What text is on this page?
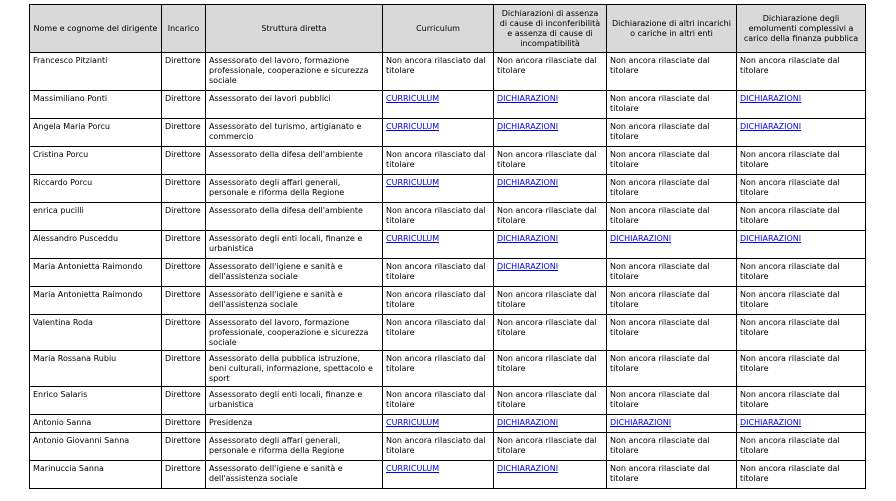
Nome e cognome del dirigente	Incarico	Struttura diretta	Curriculum	Dichiarazioni di assenza di cause di inconferibilità e assenza di cause di incompatibilità	Dichiarazione di altri incarichi o cariche in altri enti	Dichiarazione degli emolumenti complessivi a carico della finanza pubblica
Francesco Pitzianti	Direttore	Assessorato del lavoro, formazione professionale, cooperazione e sicurezza sociale	Non ancora rilasciato dal titolare	Non ancora rilasciate dal titolare	Non ancora rilasciate dal titolare	Non ancora rilasciate dal titolare
Massimiliano Ponti	Direttore	Assessorato dei lavori pubblici	CURRICULUM	DICHIARAZIONI	Non ancora rilasciate dal titolare	DICHIARAZIONI
Angela Maria Porcu	Direttore	Assessorato del turismo, artigianato e commercio	CURRICULUM	DICHIARAZIONI	Non ancora rilasciate dal titolare	DICHIARAZIONI
Cristina Porcu	Direttore	Assessorato della difesa dell'ambiente	Non ancora rilasciato dal titolare	Non ancora rilasciate dal titolare	Non ancora rilasciate dal titolare	Non ancora rilasciate dal titolare
Riccardo Porcu	Direttore	Assessorato degli affari generali, personale e riforma della Regione	CURRICULUM	DICHIARAZIONI	Non ancora rilasciate dal titolare	Non ancora rilasciate dal titolare
enrica pucilli	Direttore	Assessorato della difesa dell'ambiente	Non ancora rilasciato dal titolare	Non ancora rilasciate dal titolare	Non ancora rilasciate dal titolare	Non ancora rilasciate dal titolare
Alessandro Pusceddu	Direttore	Assessorato degli enti locali, finanze e urbanistica	CURRICULUM	DICHIARAZIONI	DICHIARAZIONI	DICHIARAZIONI
Maria Antonietta Raimondo	Direttore	Assessorato dell'igiene e sanità e dell'assistenza sociale	Non ancora rilasciato dal titolare	DICHIARAZIONI	Non ancora rilasciate dal titolare	Non ancora rilasciate dal titolare
Maria Antonietta Raimondo	Direttore	Assessorato dell'igiene e sanità e dell'assistenza sociale	Non ancora rilasciato dal titolare	Non ancora rilasciate dal titolare	Non ancora rilasciate dal titolare	Non ancora rilasciate dal titolare
Valentina Roda	Direttore	Assessorato del lavoro, formazione professionale, cooperazione e sicurezza sociale	Non ancora rilasciato dal titolare	Non ancora rilasciate dal titolare	Non ancora rilasciate dal titolare	Non ancora rilasciate dal titolare
Maria Rossana Rubiu	Direttore	Assessorato della pubblica istruzione, beni culturali, informazione, spettacolo e sport	Non ancora rilasciato dal titolare	Non ancora rilasciate dal titolare	Non ancora rilasciate dal titolare	Non ancora rilasciate dal titolare
Enrico Salaris	Direttore	Assessorato degli enti locali, finanze e urbanistica	Non ancora rilasciato dal titolare	Non ancora rilasciate dal titolare	Non ancora rilasciate dal titolare	Non ancora rilasciate dal titolare
Antonio Sanna	Direttore	Presidenza	CURRICULUM	DICHIARAZIONI	DICHIARAZIONI	DICHIARAZIONI
Antonio Giovanni Sanna	Direttore	Assessorato degli affari generali, personale e riforma della Regione	Non ancora rilasciato dal titolare	Non ancora rilasciate dal titolare	Non ancora rilasciate dal titolare	Non ancora rilasciate dal titolare
Marinuccia Sanna	Direttore	Assessorato dell'igiene e sanità e dell'assistenza sociale	CURRICULUM	DICHIARAZIONI	Non ancora rilasciate dal titolare	Non ancora rilasciate dal titolare
